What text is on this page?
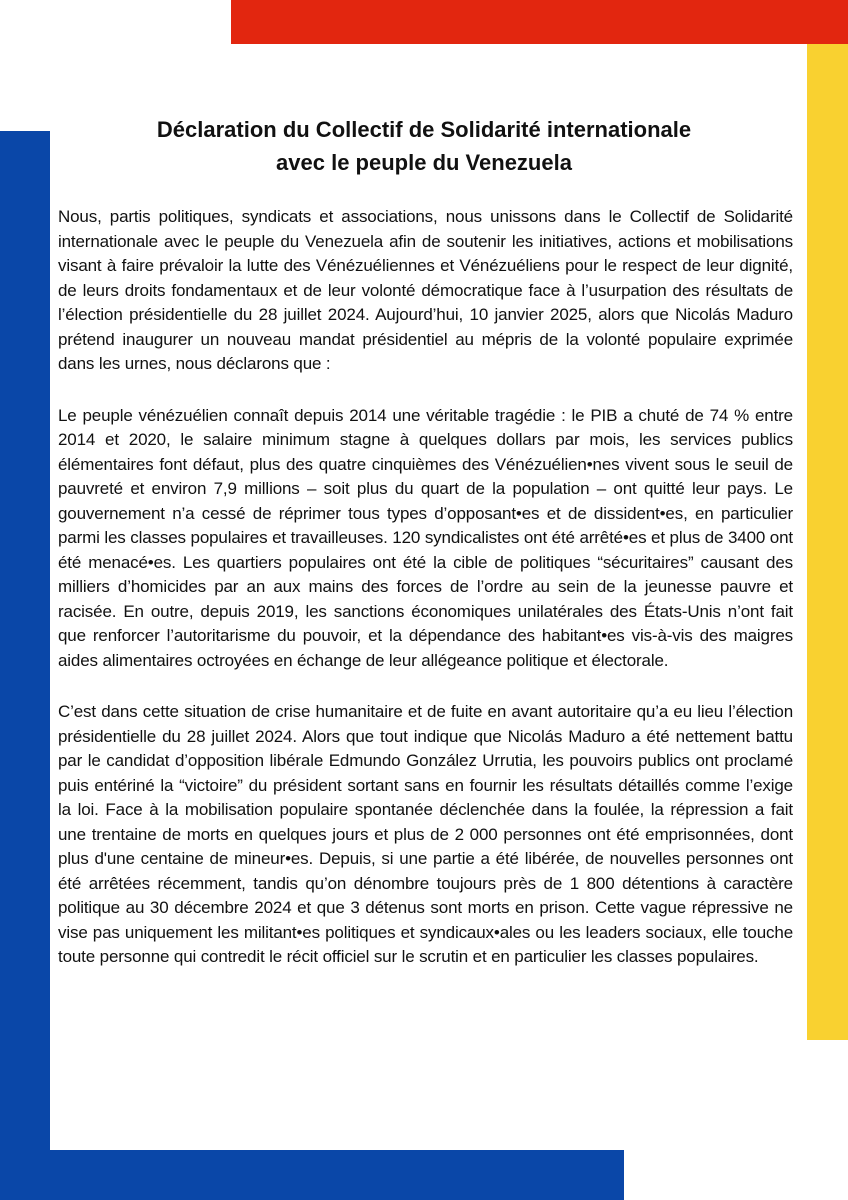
Déclaration du Collectif de Solidarité internationale
avec le peuple du Venezuela

Nous, partis politiques, syndicats et associations, nous unissons dans le Collectif de Solidarité internationale avec le peuple du Venezuela afin de soutenir les initiatives, actions et mobilisations visant à faire prévaloir la lutte des Vénézuéliennes et Vénézuéliens pour le respect de leur dignité, de leurs droits fondamentaux et de leur volonté démocratique face à l’usurpation des résultats de l’élection présidentielle du 28 juillet 2024. Aujourd’hui, 10 janvier 2025, alors que Nicolás Maduro prétend inaugurer un nouveau mandat présidentiel au mépris de la volonté populaire exprimée dans les urnes, nous déclarons que :

Le peuple vénézuélien connaît depuis 2014 une véritable tragédie : le PIB a chuté de 74 % entre 2014 et 2020, le salaire minimum stagne à quelques dollars par mois, les services publics élémentaires font défaut, plus des quatre cinquièmes des Vénézuélien•nes vivent sous le seuil de pauvreté et environ 7,9 millions – soit plus du quart de la population – ont quitté leur pays. Le gouvernement n’a cessé de réprimer tous types d’opposant•es et de dissident•es, en particulier parmi les classes populaires et travailleuses. 120 syndicalistes ont été arrêté•es et plus de 3400 ont été menacé•es. Les quartiers populaires ont été la cible de politiques “sécuritaires” causant des milliers d’homicides par an aux mains des forces de l’ordre au sein de la jeunesse pauvre et racisée. En outre, depuis 2019, les sanctions économiques unilatérales des États-Unis n’ont fait que renforcer l’autoritarisme du pouvoir, et la dépendance des habitant•es vis-à-vis des maigres aides alimentaires octroyées en échange de leur allégeance politique et électorale.

C’est dans cette situation de crise humanitaire et de fuite en avant autoritaire qu’a eu lieu l’élection présidentielle du 28 juillet 2024. Alors que tout indique que Nicolás Maduro a été nettement battu par le candidat d’opposition libérale Edmundo González Urrutia, les pouvoirs publics ont proclamé puis entériné la “victoire” du président sortant sans en fournir les résultats détaillés comme l’exige la loi. Face à la mobilisation populaire spontanée déclenchée dans la foulée, la répression a fait une trentaine de morts en quelques jours et plus de 2 000 personnes ont été emprisonnées, dont plus d'une centaine de mineur•es. Depuis, si une partie a été libérée, de nouvelles personnes ont été arrêtées récemment, tandis qu’on dénombre toujours près de 1 800 détentions à caractère politique au 30 décembre 2024 et que 3 détenus sont morts en prison. Cette vague répressive ne vise pas uniquement les militant•es politiques et syndicaux•ales ou les leaders sociaux, elle touche toute personne qui contredit le récit officiel sur le scrutin et en particulier les classes populaires.
